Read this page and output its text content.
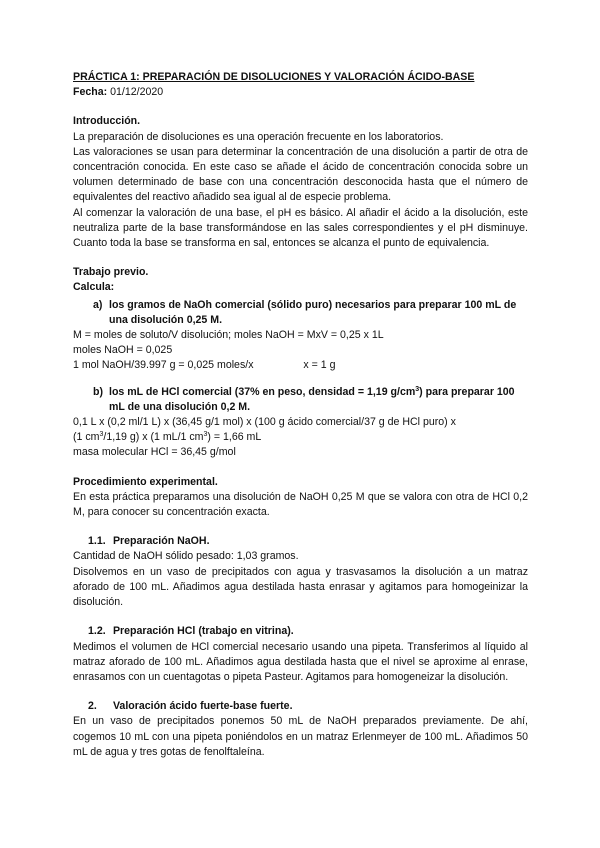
PRÁCTICA 1: PREPARACIÓN DE DISOLUCIONES Y VALORACIÓN ÁCIDO-BASE
Fecha: 01/12/2020
Introducción.
La preparación de disoluciones es una operación frecuente en los laboratorios.
Las valoraciones se usan para determinar la concentración de una disolución a partir de otra de concentración conocida. En este caso se añade el ácido de concentración conocida sobre un volumen determinado de base con una concentración desconocida hasta que el número de equivalentes del reactivo añadido sea igual al de especie problema.
Al comenzar la valoración de una base, el pH es básico. Al añadir el ácido a la disolución, este neutraliza parte de la base transformándose en las sales correspondientes y el pH disminuye. Cuanto toda la base se transforma en sal, entonces se alcanza el punto de equivalencia.
Trabajo previo.
Calcula:
a) los gramos de NaOh comercial (sólido puro) necesarios para preparar 100 mL de una disolución 0,25 M.
M = moles de soluto/V disolución; moles NaOH = MxV = 0,25 x 1L
moles NaOH = 0,025
1 mol NaOH/39.997 g = 0,025 moles/x	x = 1 g
b) los mL de HCl comercial (37% en peso, densidad = 1,19 $g/cm^3$) para preparar 100 mL de una disolución 0,2 M.
0,1 L x (0,2 ml/1 L) x (36,45 g/1 mol) x (100 g ácido comercial/37 g de HCl puro) x
(1 $cm^3/1,19$ g) x (1 mL/1 $cm^3) = 1,66$ mL
masa molecular HCl = 36,45 g/mol
Procedimiento experimental.
En esta práctica preparamos una disolución de NaOH 0,25 M que se valora con otra de HCl 0,2 M, para conocer su concentración exacta.
1.1. Preparación NaOH.
Cantidad de NaOH sólido pesado: 1,03 gramos.
Disolvemos en un vaso de precipitados con agua y trasvasamos la disolución a un matraz aforado de 100 mL. Añadimos agua destilada hasta enrasar y agitamos para homogeinizar la disolución.
1.2. Preparación HCl (trabajo en vitrina).
Medimos el volumen de HCl comercial necesario usando una pipeta. Transferimos al líquido al matraz aforado de 100 mL. Añadimos agua destilada hasta que el nivel se aproxime al enrase, enrasamos con un cuentagotas o pipeta Pasteur. Agitamos para homogeneizar la disolución.
2. Valoración ácido fuerte-base fuerte.
En un vaso de precipitados ponemos 50 mL de NaOH preparados previamente. De ahí, cogemos 10 mL con una pipeta poniéndolos en un matraz Erlenmeyer de 100 mL. Añadimos 50 mL de agua y tres gotas de fenolftaleína.
